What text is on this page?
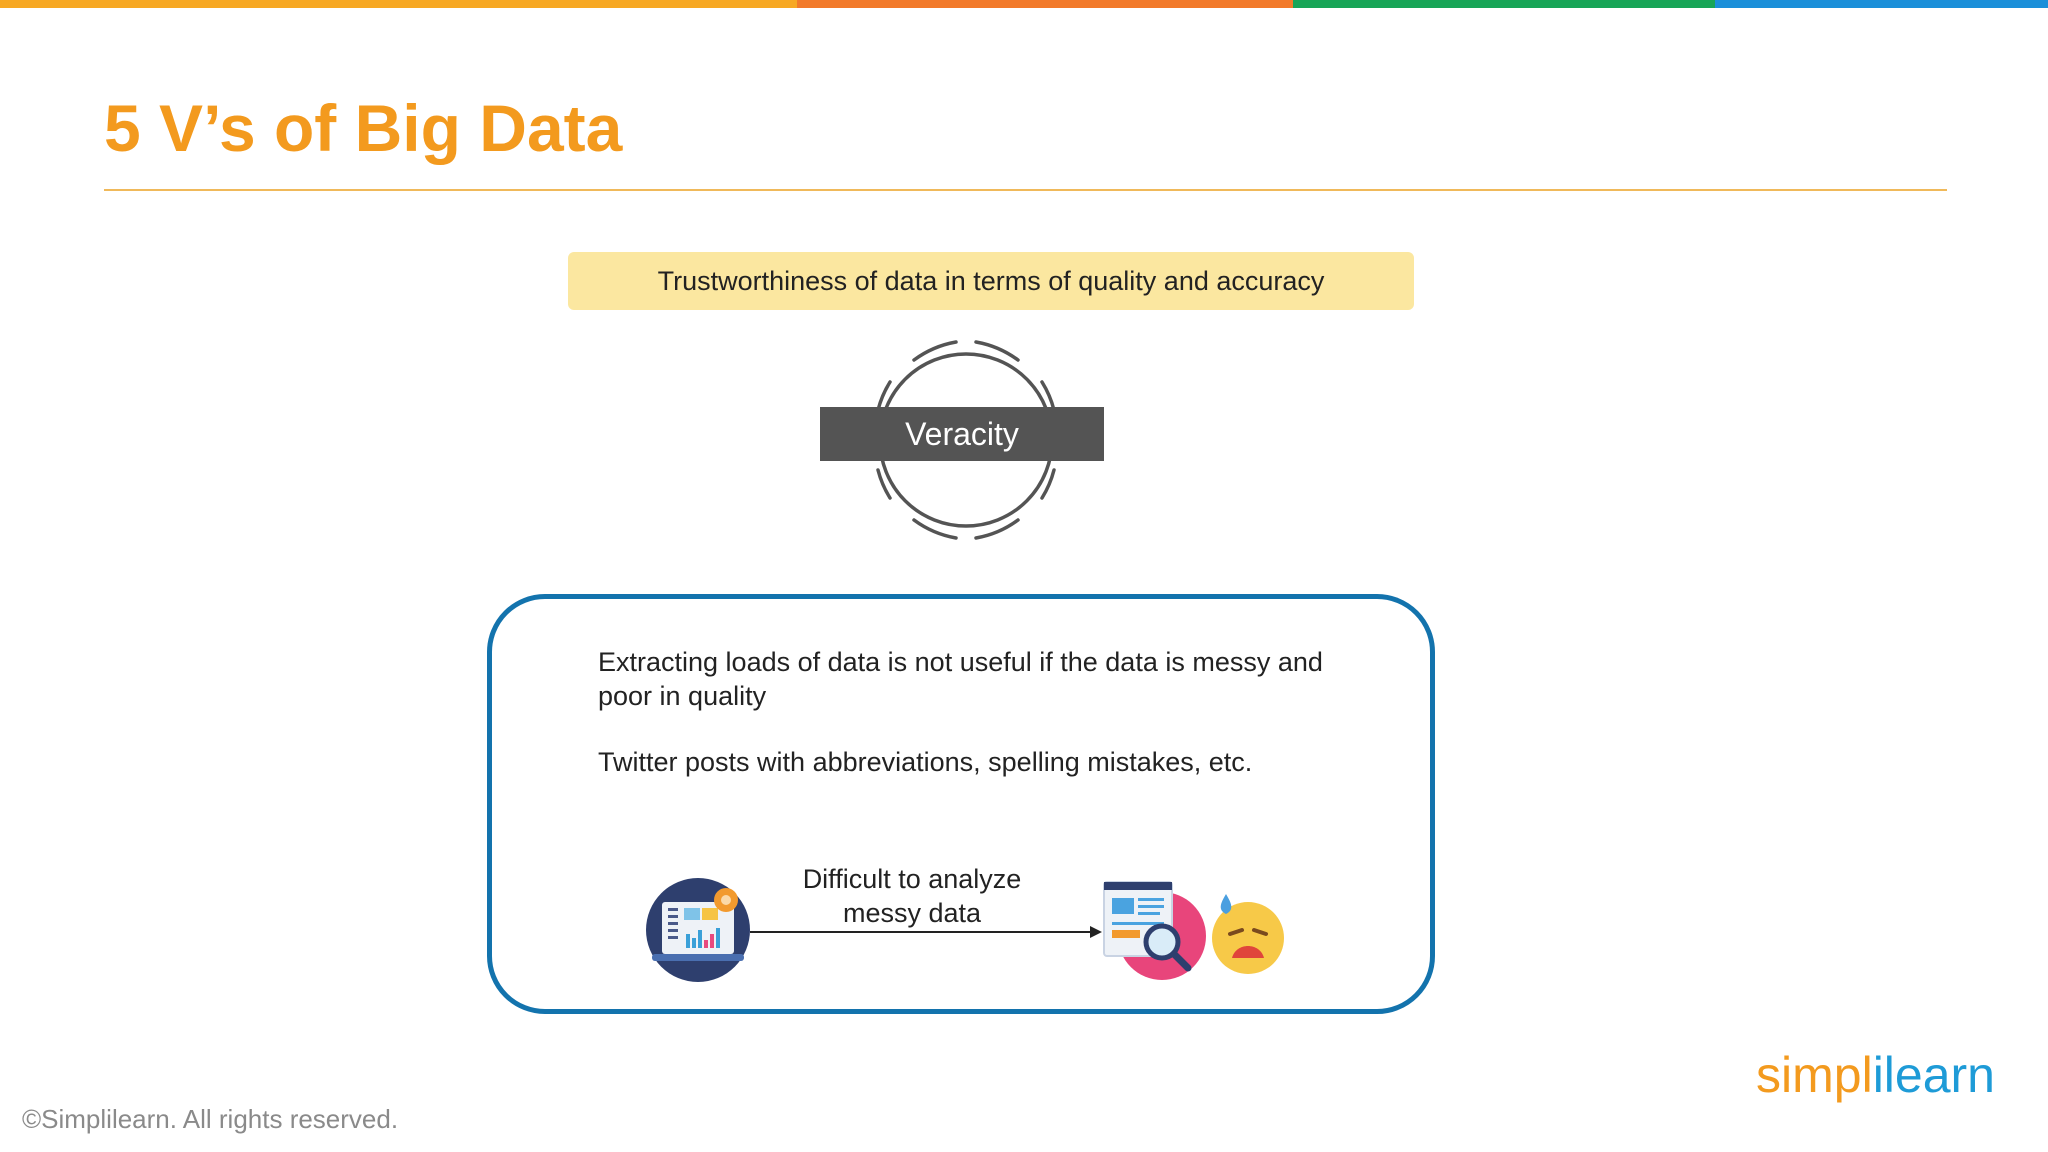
5 V’s of Big Data
Trustworthiness of data in terms of quality and accuracy
Veracity
Extracting loads of data is not useful if the data is messy and poor in quality
Twitter posts with abbreviations, spelling mistakes, etc.
Difficult to analyze messy data
©Simplilearn. All rights reserved.
simplilearn
